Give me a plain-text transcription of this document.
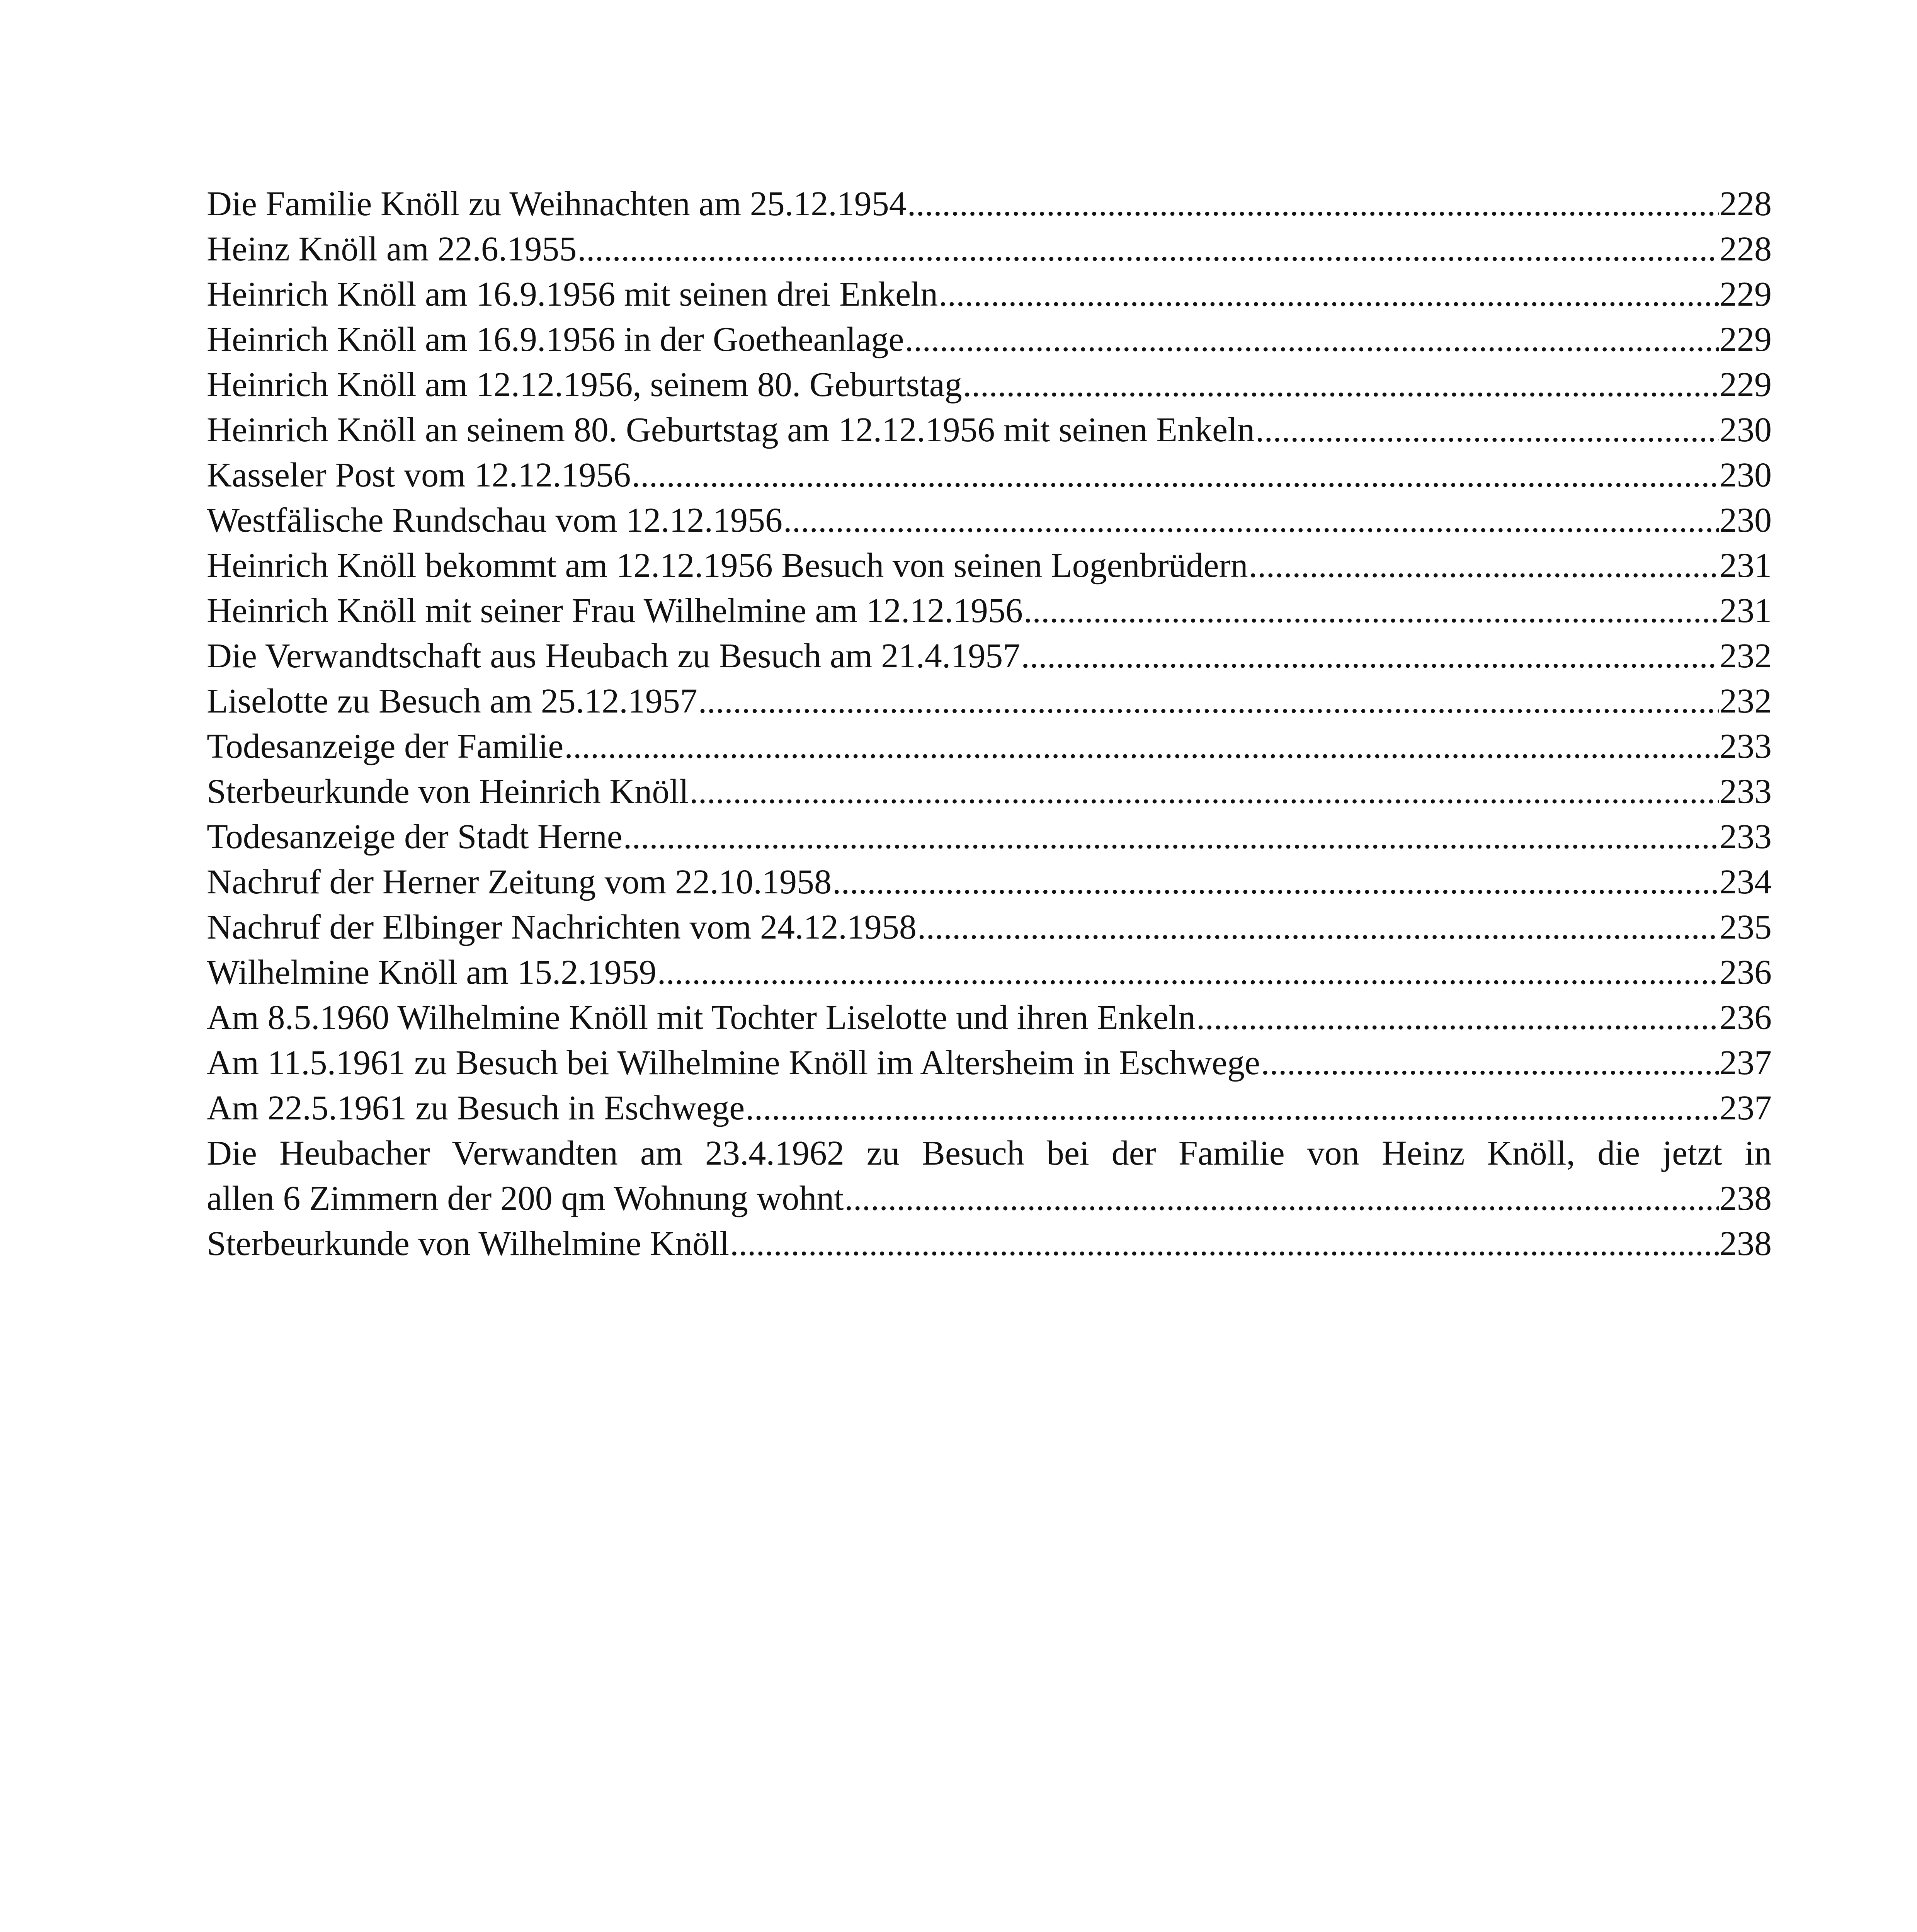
Die Familie Knöll zu Weihnachten am 25.12.1954 .....	228
Heinz Knöll am 22.6.1955 .....	228
Heinrich Knöll am 16.9.1956 mit seinen drei Enkeln .....	229
Heinrich Knöll am 16.9.1956 in der Goetheanlage .....	229
Heinrich Knöll am 12.12.1956, seinem 80. Geburtstag .....	229
Heinrich Knöll an seinem 80. Geburtstag am 12.12.1956 mit seinen Enkeln .....	230
Kasseler Post vom 12.12.1956 .....	230
Westfälische Rundschau vom 12.12.1956 .....	230
Heinrich Knöll bekommt am 12.12.1956 Besuch von seinen Logenbrüdern .....	231
Heinrich Knöll mit seiner Frau Wilhelmine am 12.12.1956 .....	231
Die Verwandtschaft aus Heubach zu Besuch am 21.4.1957 .....	232
Liselotte zu Besuch am 25.12.1957 .....	232
Todesanzeige der Familie .....	233
Sterbeurkunde von Heinrich Knöll .....	233
Todesanzeige der Stadt Herne .....	233
Nachruf der Herner Zeitung vom 22.10.1958 .....	234
Nachruf der Elbinger Nachrichten vom 24.12.1958 .....	235
Wilhelmine Knöll am 15.2.1959 .....	236
Am 8.5.1960 Wilhelmine Knöll mit Tochter Liselotte und ihren Enkeln .....	236
Am 11.5.1961 zu Besuch bei Wilhelmine Knöll im Altersheim in Eschwege .....	237
Am 22.5.1961 zu Besuch in Eschwege .....	237
Die Heubacher Verwandten am 23.4.1962 zu Besuch bei der Familie von Heinz Knöll, die jetzt in
allen 6 Zimmern der 200 qm Wohnung wohnt .....	238
Sterbeurkunde von Wilhelmine Knöll .....	238
